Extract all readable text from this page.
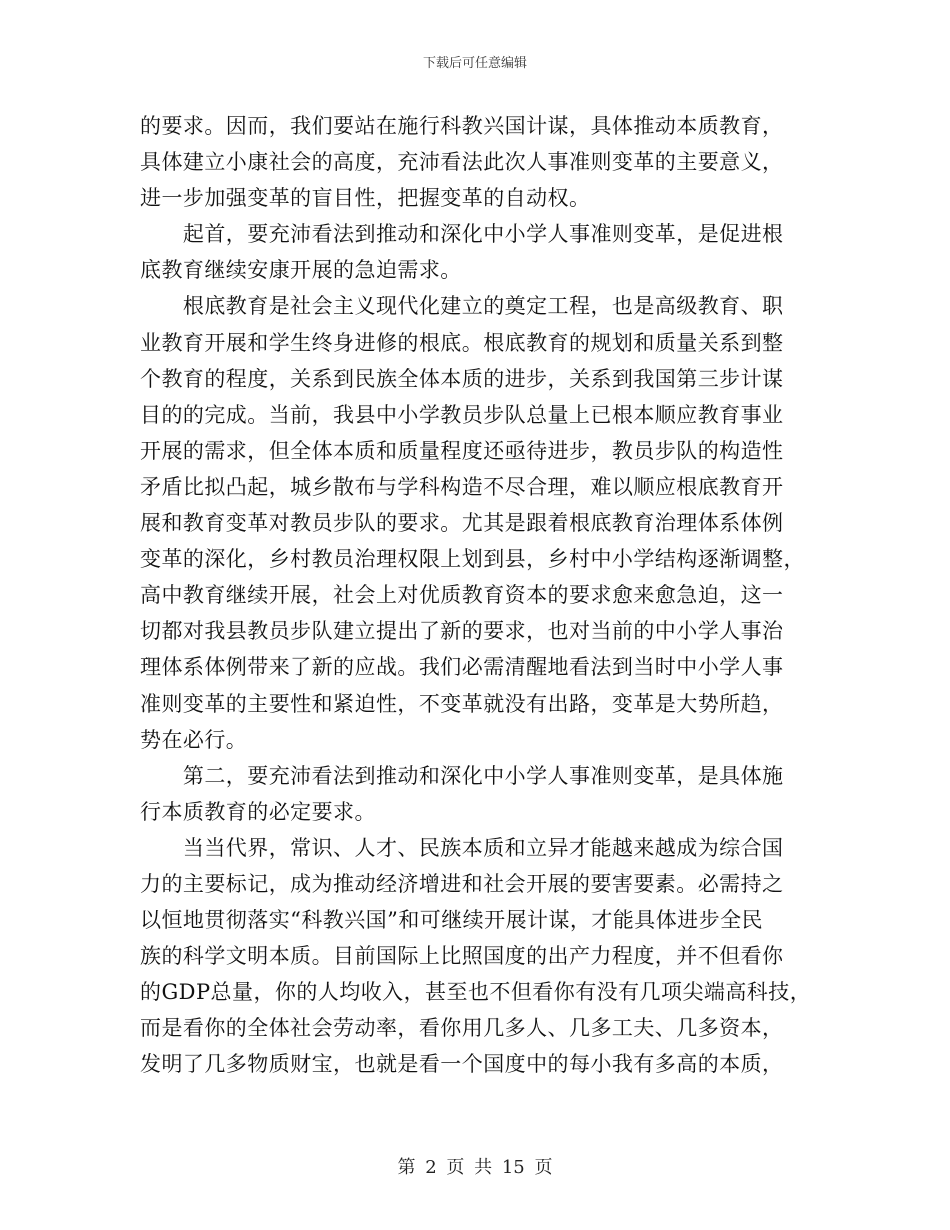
下载后可任意编辑
的要求。因而，我们要站在施行科教兴国计谋，具体推动本质教育，
具体建立小康社会的高度，充沛看法此次人事准则变革的主要意义，
进一步加强变革的盲目性，把握变革的自动权。
　　起首，要充沛看法到推动和深化中小学人事准则变革，是促进根
底教育继续安康开展的急迫需求。
　　根底教育是社会主义现代化建立的奠定工程，也是高级教育、职
业教育开展和学生终身进修的根底。根底教育的规划和质量关系到整
个教育的程度，关系到民族全体本质的进步，关系到我国第三步计谋
目的的完成。当前，我县中小学教员步队总量上已根本顺应教育事业
开展的需求，但全体本质和质量程度还亟待进步，教员步队的构造性
矛盾比拟凸起，城乡散布与学科构造不尽合理，难以顺应根底教育开
展和教育变革对教员步队的要求。尤其是跟着根底教育治理体系体例
变革的深化，乡村教员治理权限上划到县，乡村中小学结构逐渐调整，
高中教育继续开展，社会上对优质教育资本的要求愈来愈急迫，这一
切都对我县教员步队建立提出了新的要求，也对当前的中小学人事治
理体系体例带来了新的应战。我们必需清醒地看法到当时中小学人事
准则变革的主要性和紧迫性，不变革就没有出路，变革是大势所趋，
势在必行。
　　第二，要充沛看法到推动和深化中小学人事准则变革，是具体施
行本质教育的必定要求。
　　当当代界，常识、人才、民族本质和立异才能越来越成为综合国
力的主要标记，成为推动经济增进和社会开展的要害要素。必需持之
以恒地贯彻落实“科教兴国”和可继续开展计谋，才能具体进步全民
族的科学文明本质。目前国际上比照国度的出产力程度，并不但看你
的GDP总量，你的人均收入，甚至也不但看你有没有几项尖端高科技，
而是看你的全体社会劳动率，看你用几多人、几多工夫、几多资本，
发明了几多物质财宝，也就是看一个国度中的每小我有多高的本质，
第 2 页 共 15 页
